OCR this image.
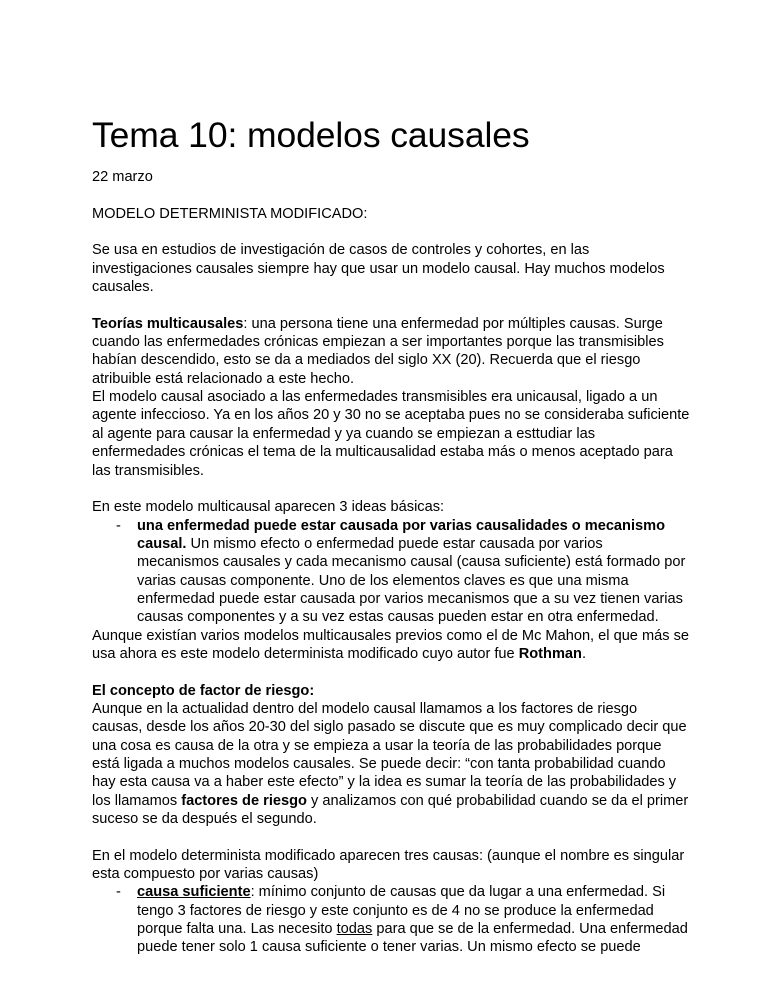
Tema 10: modelos causales

22 marzo

MODELO DETERMINISTA MODIFICADO:

Se usa en estudios de investigación de casos de controles y cohortes, en las

investigaciones causales siempre hay que usar un modelo causal. Hay muchos modelos

causales.

Teorías multicausales: una persona tiene una enfermedad por múltiples causas. Surge

cuando las enfermedades crónicas empiezan a ser importantes porque las transmisibles

habían descendido, esto se da a mediados del siglo XX (20). Recuerda que el riesgo

atribuible está relacionado a este hecho.

El modelo causal asociado a las enfermedades transmisibles era unicausal, ligado a un

agente infeccioso. Ya en los años 20 y 30 no se aceptaba pues no se consideraba suficiente

al agente para causar la enfermedad y ya cuando se empiezan a esttudiar las

enfermedades crónicas el tema de la multicausalidad estaba más o menos aceptado para

las transmisibles.

En este modelo multicausal aparecen 3 ideas básicas:

- una enfermedad puede estar causada por varias causalidades o mecanismo

causal. Un mismo efecto o enfermedad puede estar causada por varios

mecanismos causales y cada mecanismo causal (causa suficiente) está formado por

varias causas componente. Uno de los elementos claves es que una misma

enfermedad puede estar causada por varios mecanismos que a su vez tienen varias

causas componentes y a su vez estas causas pueden estar en otra enfermedad.

Aunque existían varios modelos multicausales previos como el de Mc Mahon, el que más se

usa ahora es este modelo determinista modificado cuyo autor fue Rothman.

El concepto de factor de riesgo:

Aunque en la actualidad dentro del modelo causal llamamos a los factores de riesgo

causas, desde los años 20-30 del siglo pasado se discute que es muy complicado decir que

una cosa es causa de la otra y se empieza a usar la teoría de las probabilidades porque

está ligada a muchos modelos causales. Se puede decir: “con tanta probabilidad cuando

hay esta causa va a haber este efecto” y la idea es sumar la teoría de las probabilidades y

los llamamos factores de riesgo y analizamos con qué probabilidad cuando se da el primer

suceso se da después el segundo.

En el modelo determinista modificado aparecen tres causas: (aunque el nombre es singular

esta compuesto por varias causas)

- causa suficiente: mínimo conjunto de causas que da lugar a una enfermedad. Si

tengo 3 factores de riesgo y este conjunto es de 4 no se produce la enfermedad

porque falta una. Las necesito todas para que se de la enfermedad. Una enfermedad

puede tener solo 1 causa suficiente o tener varias. Un mismo efecto se puede
